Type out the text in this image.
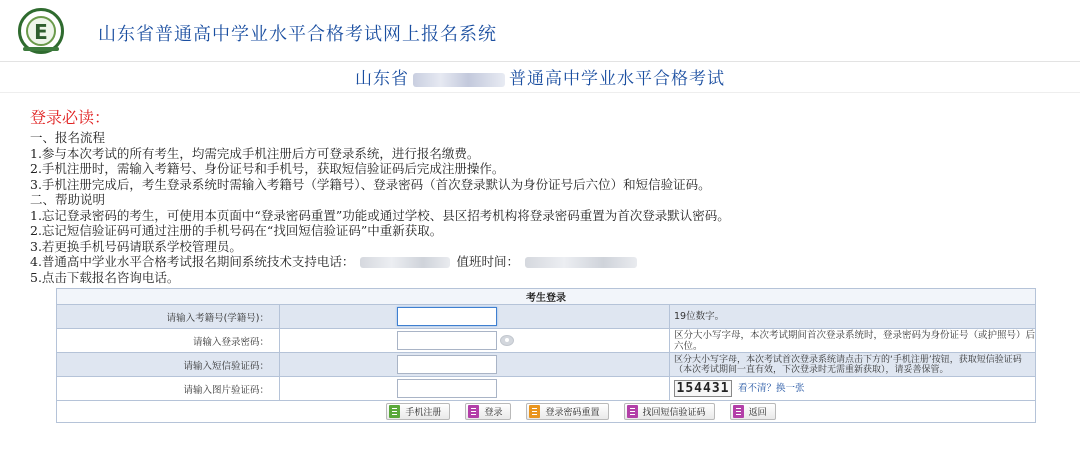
E	山东省普通高中学业水平合格考试网上报名系统
山东省	普通高中学业水平合格考试
登录必读：
一、报名流程
1.参与本次考试的所有考生，均需完成手机注册后方可登录系统，进行报名缴费。
2.手机注册时，需输入考籍号、身份证号和手机号，获取短信验证码后完成注册操作。
3.手机注册完成后，考生登录系统时需输入考籍号（学籍号）、登录密码（首次登录默认为身份证号后六位）和短信验证码。
二、帮助说明
1.忘记登录密码的考生，可使用本页面中“登录密码重置”功能或通过学校、县区招考机构将登录密码重置为首次登录默认密码。
2.忘记短信验证码可通过注册的手机号码在“找回短信验证码”中重新获取。
3.若更换手机号码请联系学校管理员。
4.普通高中学业水平合格考试报名期间系统技术支持电话：	值班时间：
5.点击下载报名咨询电话。
考生登录		
请输入考籍号(学籍号)：		19位数字。
请输入登录密码：		区分大小写字母，本次考试期间首次登录系统时，登录密码为身份证号（或护照号）后六位。
请输入短信验证码：		区分大小写字母，本次考试首次登录系统请点击下方的‘手机注册’按钮，获取短信验证码
（本次考试期间一直有效，下次登录时无需重新获取），请妥善保管。

请输入图片验证码：		154431 看不清？换一张

手机注册
登录
登录密码重置
找回短信验证码
返回		
